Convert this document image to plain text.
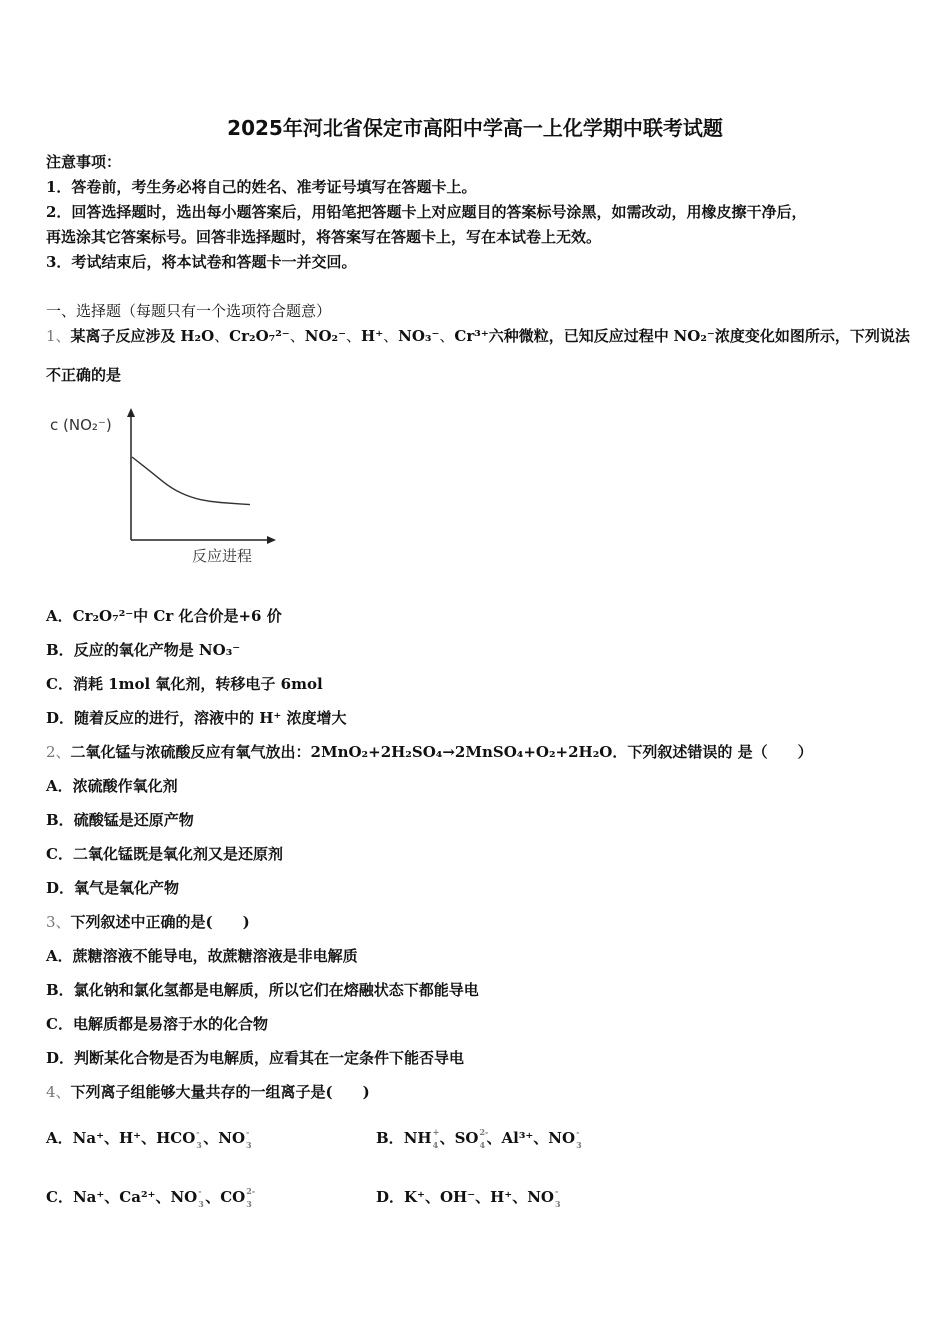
2025年河北省保定市高阳中学高一上化学期中联考试题
注意事项：
1．答卷前，考生务必将自己的姓名、准考证号填写在答题卡上。
2．回答选择题时，选出每小题答案后，用铅笔把答题卡上对应题目的答案标号涂黑，如需改动，用橡皮擦干净后，
再选涂其它答案标号。回答非选择题时，将答案写在答题卡上，写在本试卷上无效。
3．考试结束后，将本试卷和答题卡一并交回。
一、选择题（每题只有一个选项符合题意）
1、某离子反应涉及 H₂O、Cr₂O₇²⁻、NO₂⁻、H⁺、NO₃⁻、Cr³⁺六种微粒，已知反应过程中 NO₂⁻浓度变化如图所示，下列说法
不正确的是
c (NO₂⁻)
反应进程
A．Cr₂O₇²⁻中 Cr 化合价是+6 价
B．反应的氧化产物是 NO₃⁻
C．消耗 1mol 氧化剂，转移电子 6mol
D．随着反应的进行，溶液中的 H⁺ 浓度增大
2、二氧化锰与浓硫酸反应有氧气放出：2MnO₂+2H₂SO₄→2MnSO₄+O₂+2H₂O．下列叙述错误的 是（　　）
A．浓硫酸作氧化剂
B．硫酸锰是还原产物
C．二氧化锰既是氧化剂又是还原剂
D．氧气是氧化产物
3、下列叙述中正确的是(　　)
A．蔗糖溶液不能导电，故蔗糖溶液是非电解质
B．氯化钠和氯化氢都是电解质，所以它们在熔融状态下都能导电
C．电解质都是易溶于水的化合物
D．判断某化合物是否为电解质，应看其在一定条件下能否导电
4、下列离子组能够大量共存的一组离子是(　　)
A．Na⁺、H⁺、HCO -
3 、NO -
3	B．NH +
4 、SO 2-
4 、Al³⁺、NO -
3
C．Na⁺、Ca²⁺、NO -
3 、CO 2-
3	D．K⁺、OH⁻、H⁺、NO -
3
